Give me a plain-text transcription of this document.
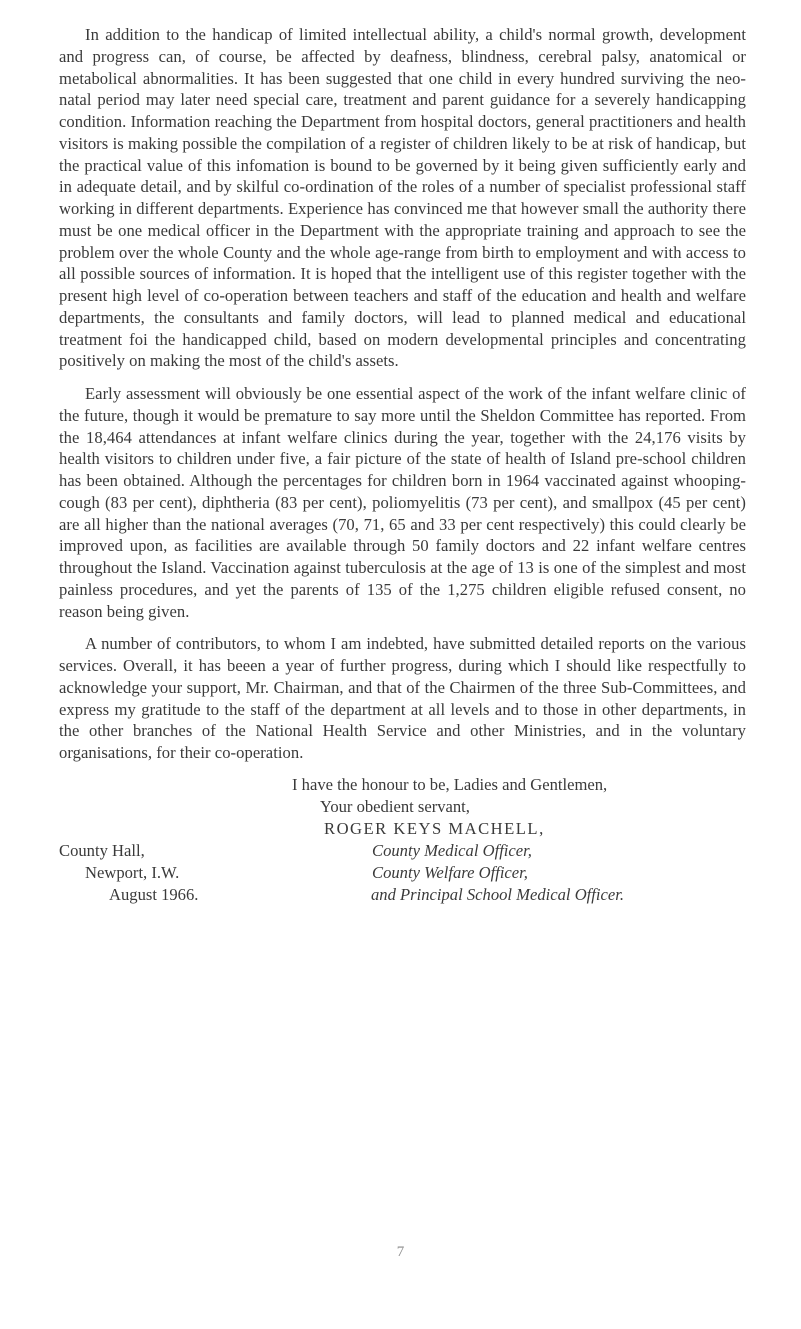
In addition to the handicap of limited intellectual ability, a child's normal growth, development and progress can, of course, be affected by deafness, blindness, cerebral palsy, anatomical or metabolical abnormalities. It has been suggested that one child in every hundred surviving the neo-natal period may later need special care, treatment and parent guidance for a severely handicapping condition. Information reaching the Department from hospital doctors, general practitioners and health visitors is making possible the compilation of a register of children likely to be at risk of handicap, but the practical value of this infomation is bound to be governed by it being given sufficiently early and in adequate detail, and by skilful co-ordination of the roles of a number of specialist professional staff working in different departments. Experience has convinced me that however small the authority there must be one medical officer in the Department with the appropriate training and approach to see the problem over the whole County and the whole age-range from birth to employment and with access to all possible sources of information. It is hoped that the intelligent use of this register together with the present high level of co-operation between teachers and staff of the education and health and welfare departments, the consultants and family doctors, will lead to planned medical and educational treatment foi the handicapped child, based on modern developmental principles and concentrating positively on making the most of the child's assets.

Early assessment will obviously be one essential aspect of the work of the infant welfare clinic of the future, though it would be premature to say more until the Sheldon Committee has reported. From the 18,464 attendances at infant welfare clinics during the year, together with the 24,176 visits by health visitors to children under five, a fair picture of the state of health of Island pre-school children has been obtained. Although the percentages for children born in 1964 vaccinated against whooping-cough (83 per cent), diphtheria (83 per cent), poliomyelitis (73 per cent), and smallpox (45 per cent) are all higher than the national averages (70, 71, 65 and 33 per cent respectively) this could clearly be improved upon, as facilities are available through 50 family doctors and 22 infant welfare centres throughout the Island. Vaccination against tuberculosis at the age of 13 is one of the simplest and most painless procedures, and yet the parents of 135 of the 1,275 children eligible refused consent, no reason being given.

A number of contributors, to whom I am indebted, have submitted detailed reports on the various services. Overall, it has beeen a year of further progress, during which I should like respectfully to acknowledge your support, Mr. Chairman, and that of the Chairmen of the three Sub-Committees, and express my gratitude to the staff of the department at all levels and to those in other departments, in the other branches of the National Health Service and other Ministries, and in the voluntary organisations, for their co-operation.

I have the honour to be, Ladies and Gentlemen,
Your obedient servant,
ROGER KEYS MACHELL,
County Hall,
Newport, I.W.
August 1966.
County Medical Officer,
County Welfare Officer,
and Principal School Medical Officer.
7
